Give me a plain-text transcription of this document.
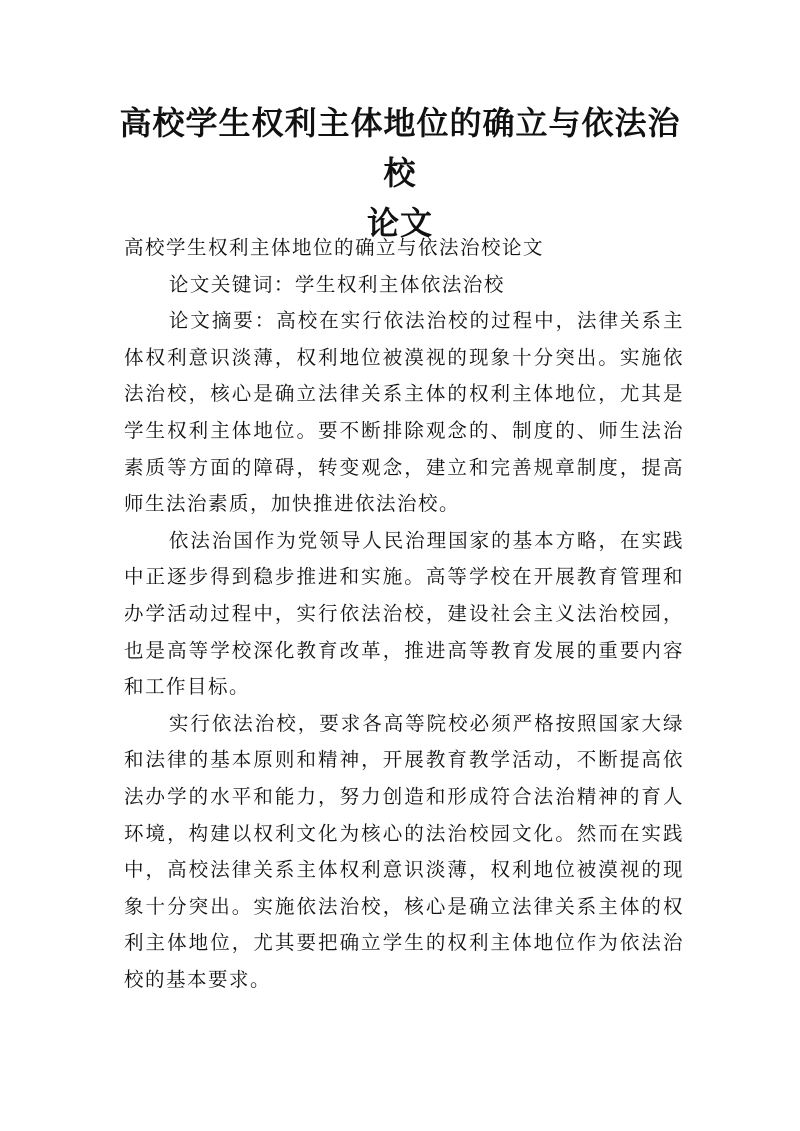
高校学生权利主体地位的确立与依法治校
论文

高校学生权利主体地位的确立与依法治校论文

论文关键词：学生权利主体依法治校

论文摘要：高校在实行依法治校的过程中，法律关系主体权利意识淡薄，权利地位被漠视的现象十分突出。实施依法治校，核心是确立法律关系主体的权利主体地位，尤其是学生权利主体地位。要不断排除观念的、制度的、师生法治素质等方面的障碍，转变观念，建立和完善规章制度，提高师生法治素质，加快推进依法治校。

依法治国作为党领导人民治理国家的基本方略，在实践中正逐步得到稳步推进和实施。高等学校在开展教育管理和办学活动过程中，实行依法治校，建设社会主义法治校园，也是高等学校深化教育改革，推进高等教育发展的重要内容和工作目标。

实行依法治校，要求各高等院校必须严格按照国家大绿和法律的基本原则和精神，开展教育教学活动，不断提高依法办学的水平和能力，努力创造和形成符合法治精神的育人环境，构建以权利文化为核心的法治校园文化。然而在实践中，高校法律关系主体权利意识淡薄，权利地位被漠视的现象十分突出。实施依法治校，核心是确立法律关系主体的权利主体地位，尤其要把确立学生的权利主体地位作为依法治校的基本要求。
